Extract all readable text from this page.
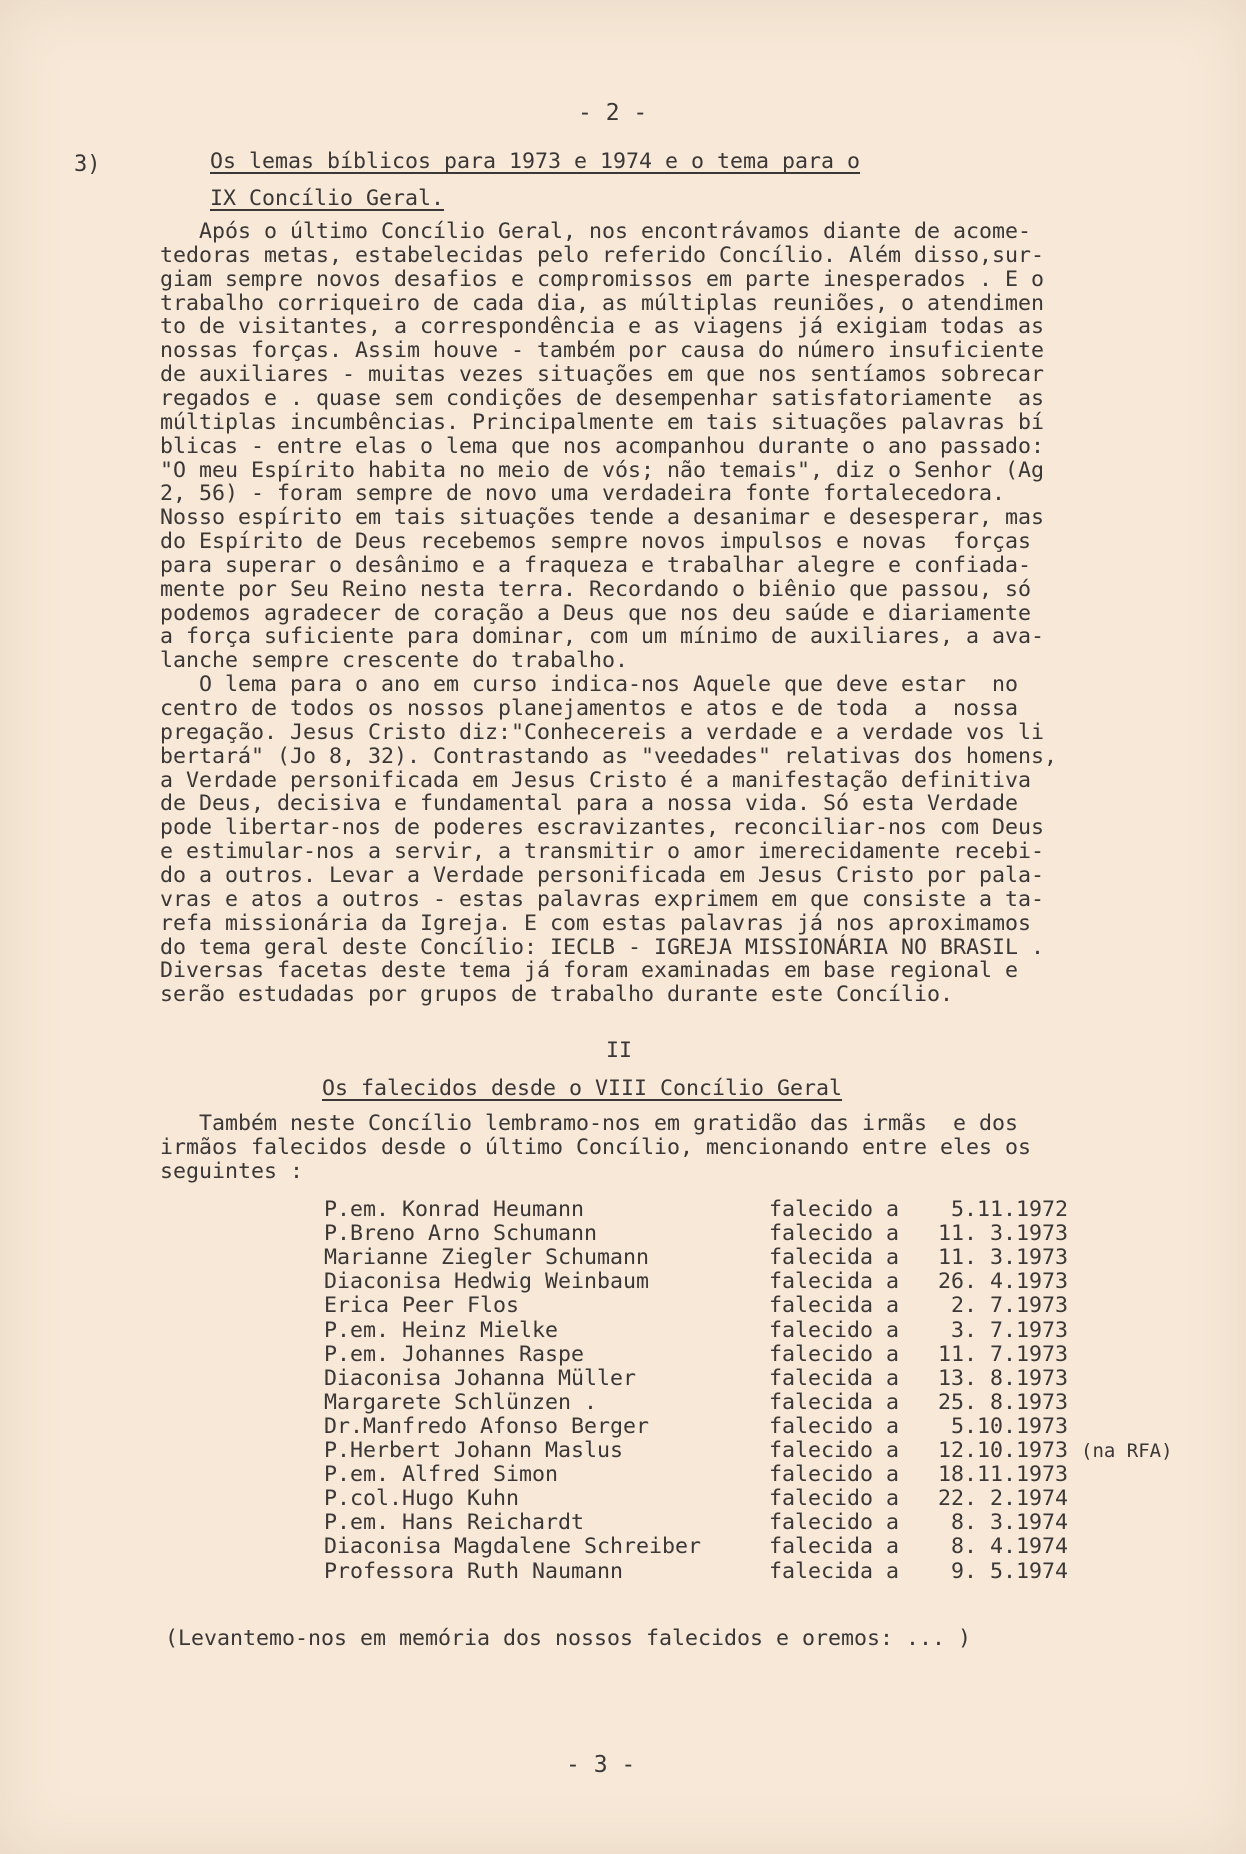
- 2 -
3)	Os lemas bíblicos para 1973 e 1974 e o tema para o
IX Concílio Geral.
Após o último Concílio Geral, nos encontrávamos diante de acome-
tedoras metas, estabelecidas pelo referido Concílio. Além disso,sur-
giam sempre novos desafios e compromissos em parte inesperados . E o
trabalho corriqueiro de cada dia, as múltiplas reuniões, o atendimen
to de visitantes, a correspondência e as viagens já exigiam todas as
nossas forças. Assim houve - também por causa do número insuficiente
de auxiliares - muitas vezes situações em que nos sentíamos sobrecar
regados e . quase sem condições de desempenhar satisfatoriamente  as
múltiplas incumbências. Principalmente em tais situações palavras bí
blicas - entre elas o lema que nos acompanhou durante o ano passado:
"O meu Espírito habita no meio de vós; não temais", diz o Senhor (Ag
2, 56) - foram sempre de novo uma verdadeira fonte fortalecedora.
Nosso espírito em tais situações tende a desanimar e desesperar, mas
do Espírito de Deus recebemos sempre novos impulsos e novas  forças
para superar o desânimo e a fraqueza e trabalhar alegre e confiada-
mente por Seu Reino nesta terra. Recordando o biênio que passou, só
podemos agradecer de coração a Deus que nos deu saúde e diariamente
a força suficiente para dominar, com um mínimo de auxiliares, a ava-
lanche sempre crescente do trabalho.
O lema para o ano em curso indica-nos Aquele que deve estar  no
centro de todos os nossos planejamentos e atos e de toda  a  nossa
pregação. Jesus Cristo diz:"Conhecereis a verdade e a verdade vos li
bertará" (Jo 8, 32). Contrastando as "veedades" relativas dos homens,
a Verdade personificada em Jesus Cristo é a manifestação definitiva
de Deus, decisiva e fundamental para a nossa vida. Só esta Verdade
pode libertar-nos de poderes escravizantes, reconciliar-nos com Deus
e estimular-nos a servir, a transmitir o amor imerecidamente recebi-
do a outros. Levar a Verdade personificada em Jesus Cristo por pala-
vras e atos a outros - estas palavras exprimem em que consiste a ta-
refa missionária da Igreja. E com estas palavras já nos aproximamos
do tema geral deste Concílio: IECLB - IGREJA MISSIONÁRIA NO BRASIL .
Diversas facetas deste tema já foram examinadas em base regional e
serão estudadas por grupos de trabalho durante este Concílio.
II
Os falecidos desde o VIII Concílio Geral
Também neste Concílio lembramo-nos em gratidão das irmãs  e dos
irmãos falecidos desde o último Concílio, mencionando entre eles os
seguintes :
P.em. Konrad Heumann	falecido a 5.11.1972
P.Breno Arno Schumann	falecido a 11. 3.1973
Marianne Ziegler Schumann	falecida a 11. 3.1973
Diaconisa Hedwig Weinbaum	falecida a 26. 4.1973
Erica Peer Flos	falecida a 2. 7.1973
P.em. Heinz Mielke	falecido a 3. 7.1973
P.em. Johannes Raspe	falecido a 11. 7.1973
Diaconisa Johanna Müller	falecida a 13. 8.1973
Margarete Schlünzen .	falecida a 25. 8.1973
Dr.Manfredo Afonso Berger	falecido a 5.10.1973
P.Herbert Johann Maslus	falecido a 12.10.1973 (na RFA)
P.em. Alfred Simon	falecido a 18.11.1973
P.col.Hugo Kuhn	falecido a 22. 2.1974
P.em. Hans Reichardt	falecido a 8. 3.1974
Diaconisa Magdalene Schreiber	falecida a 8. 4.1974
Professora Ruth Naumann	falecida a 9. 5.1974
(Levantemo-nos em memória dos nossos falecidos e oremos: ... )
- 3 -
